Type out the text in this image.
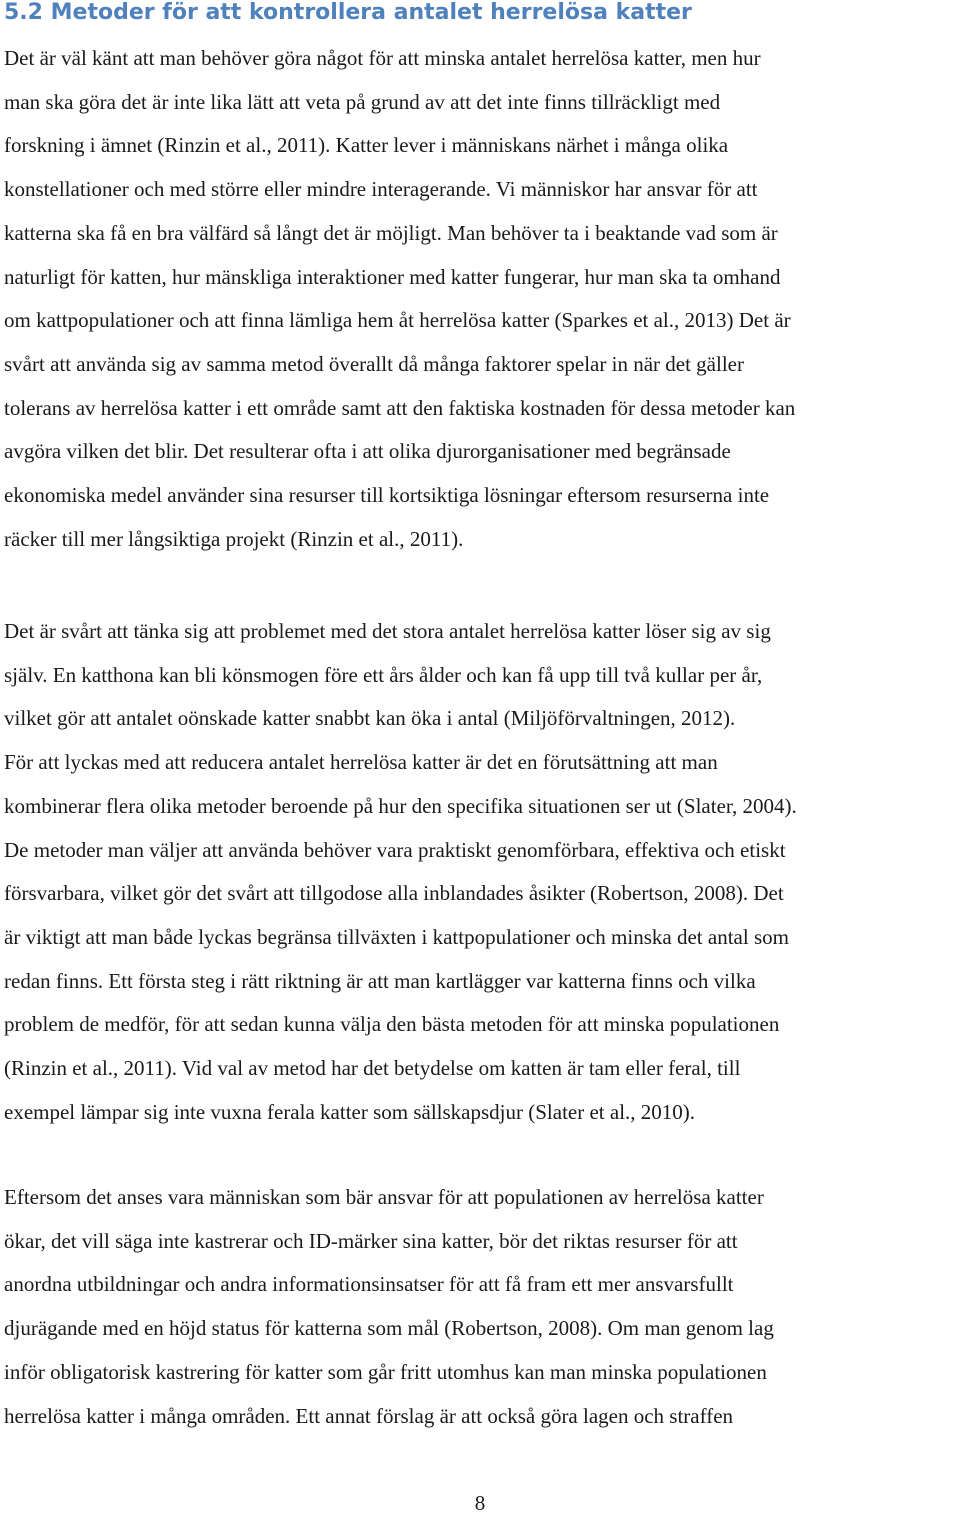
5.2 Metoder för att kontrollera antalet herrelösa katter

Det är väl känt att man behöver göra något för att minska antalet herrelösa katter, men hur
man ska göra det är inte lika lätt att veta på grund av att det inte finns tillräckligt med
forskning i ämnet (Rinzin et al., 2011). Katter lever i människans närhet i många olika
konstellationer och med större eller mindre interagerande. Vi människor har ansvar för att
katterna ska få en bra välfärd så långt det är möjligt. Man behöver ta i beaktande vad som är
naturligt för katten, hur mänskliga interaktioner med katter fungerar, hur man ska ta omhand
om kattpopulationer och att finna lämliga hem åt herrelösa katter (Sparkes et al., 2013) Det är
svårt att använda sig av samma metod överallt då många faktorer spelar in när det gäller
tolerans av herrelösa katter i ett område samt att den faktiska kostnaden för dessa metoder kan
avgöra vilken det blir. Det resulterar ofta i att olika djurorganisationer med begränsade
ekonomiska medel använder sina resurser till kortsiktiga lösningar eftersom resurserna inte
räcker till mer långsiktiga projekt (Rinzin et al., 2011).

Det är svårt att tänka sig att problemet med det stora antalet herrelösa katter löser sig av sig
själv. En katthona kan bli könsmogen före ett års ålder och kan få upp till två kullar per år,
vilket gör att antalet oönskade katter snabbt kan öka i antal (Miljöförvaltningen, 2012).
För att lyckas med att reducera antalet herrelösa katter är det en förutsättning att man
kombinerar flera olika metoder beroende på hur den specifika situationen ser ut (Slater, 2004).
De metoder man väljer att använda behöver vara praktiskt genomförbara, effektiva och etiskt
försvarbara, vilket gör det svårt att tillgodose alla inblandades åsikter (Robertson, 2008). Det
är viktigt att man både lyckas begränsa tillväxten i kattpopulationer och minska det antal som
redan finns. Ett första steg i rätt riktning är att man kartlägger var katterna finns och vilka
problem de medför, för att sedan kunna välja den bästa metoden för att minska populationen
(Rinzin et al., 2011). Vid val av metod har det betydelse om katten är tam eller feral, till
exempel lämpar sig inte vuxna ferala katter som sällskapsdjur (Slater et al., 2010).

Eftersom det anses vara människan som bär ansvar för att populationen av herrelösa katter
ökar, det vill säga inte kastrerar och ID-märker sina katter, bör det riktas resurser för att
anordna utbildningar och andra informationsinsatser för att få fram ett mer ansvarsfullt
djurägande med en höjd status för katterna som mål (Robertson, 2008). Om man genom lag
inför obligatorisk kastrering för katter som går fritt utomhus kan man minska populationen
herrelösa katter i många områden. Ett annat förslag är att också göra lagen och straffen

8
